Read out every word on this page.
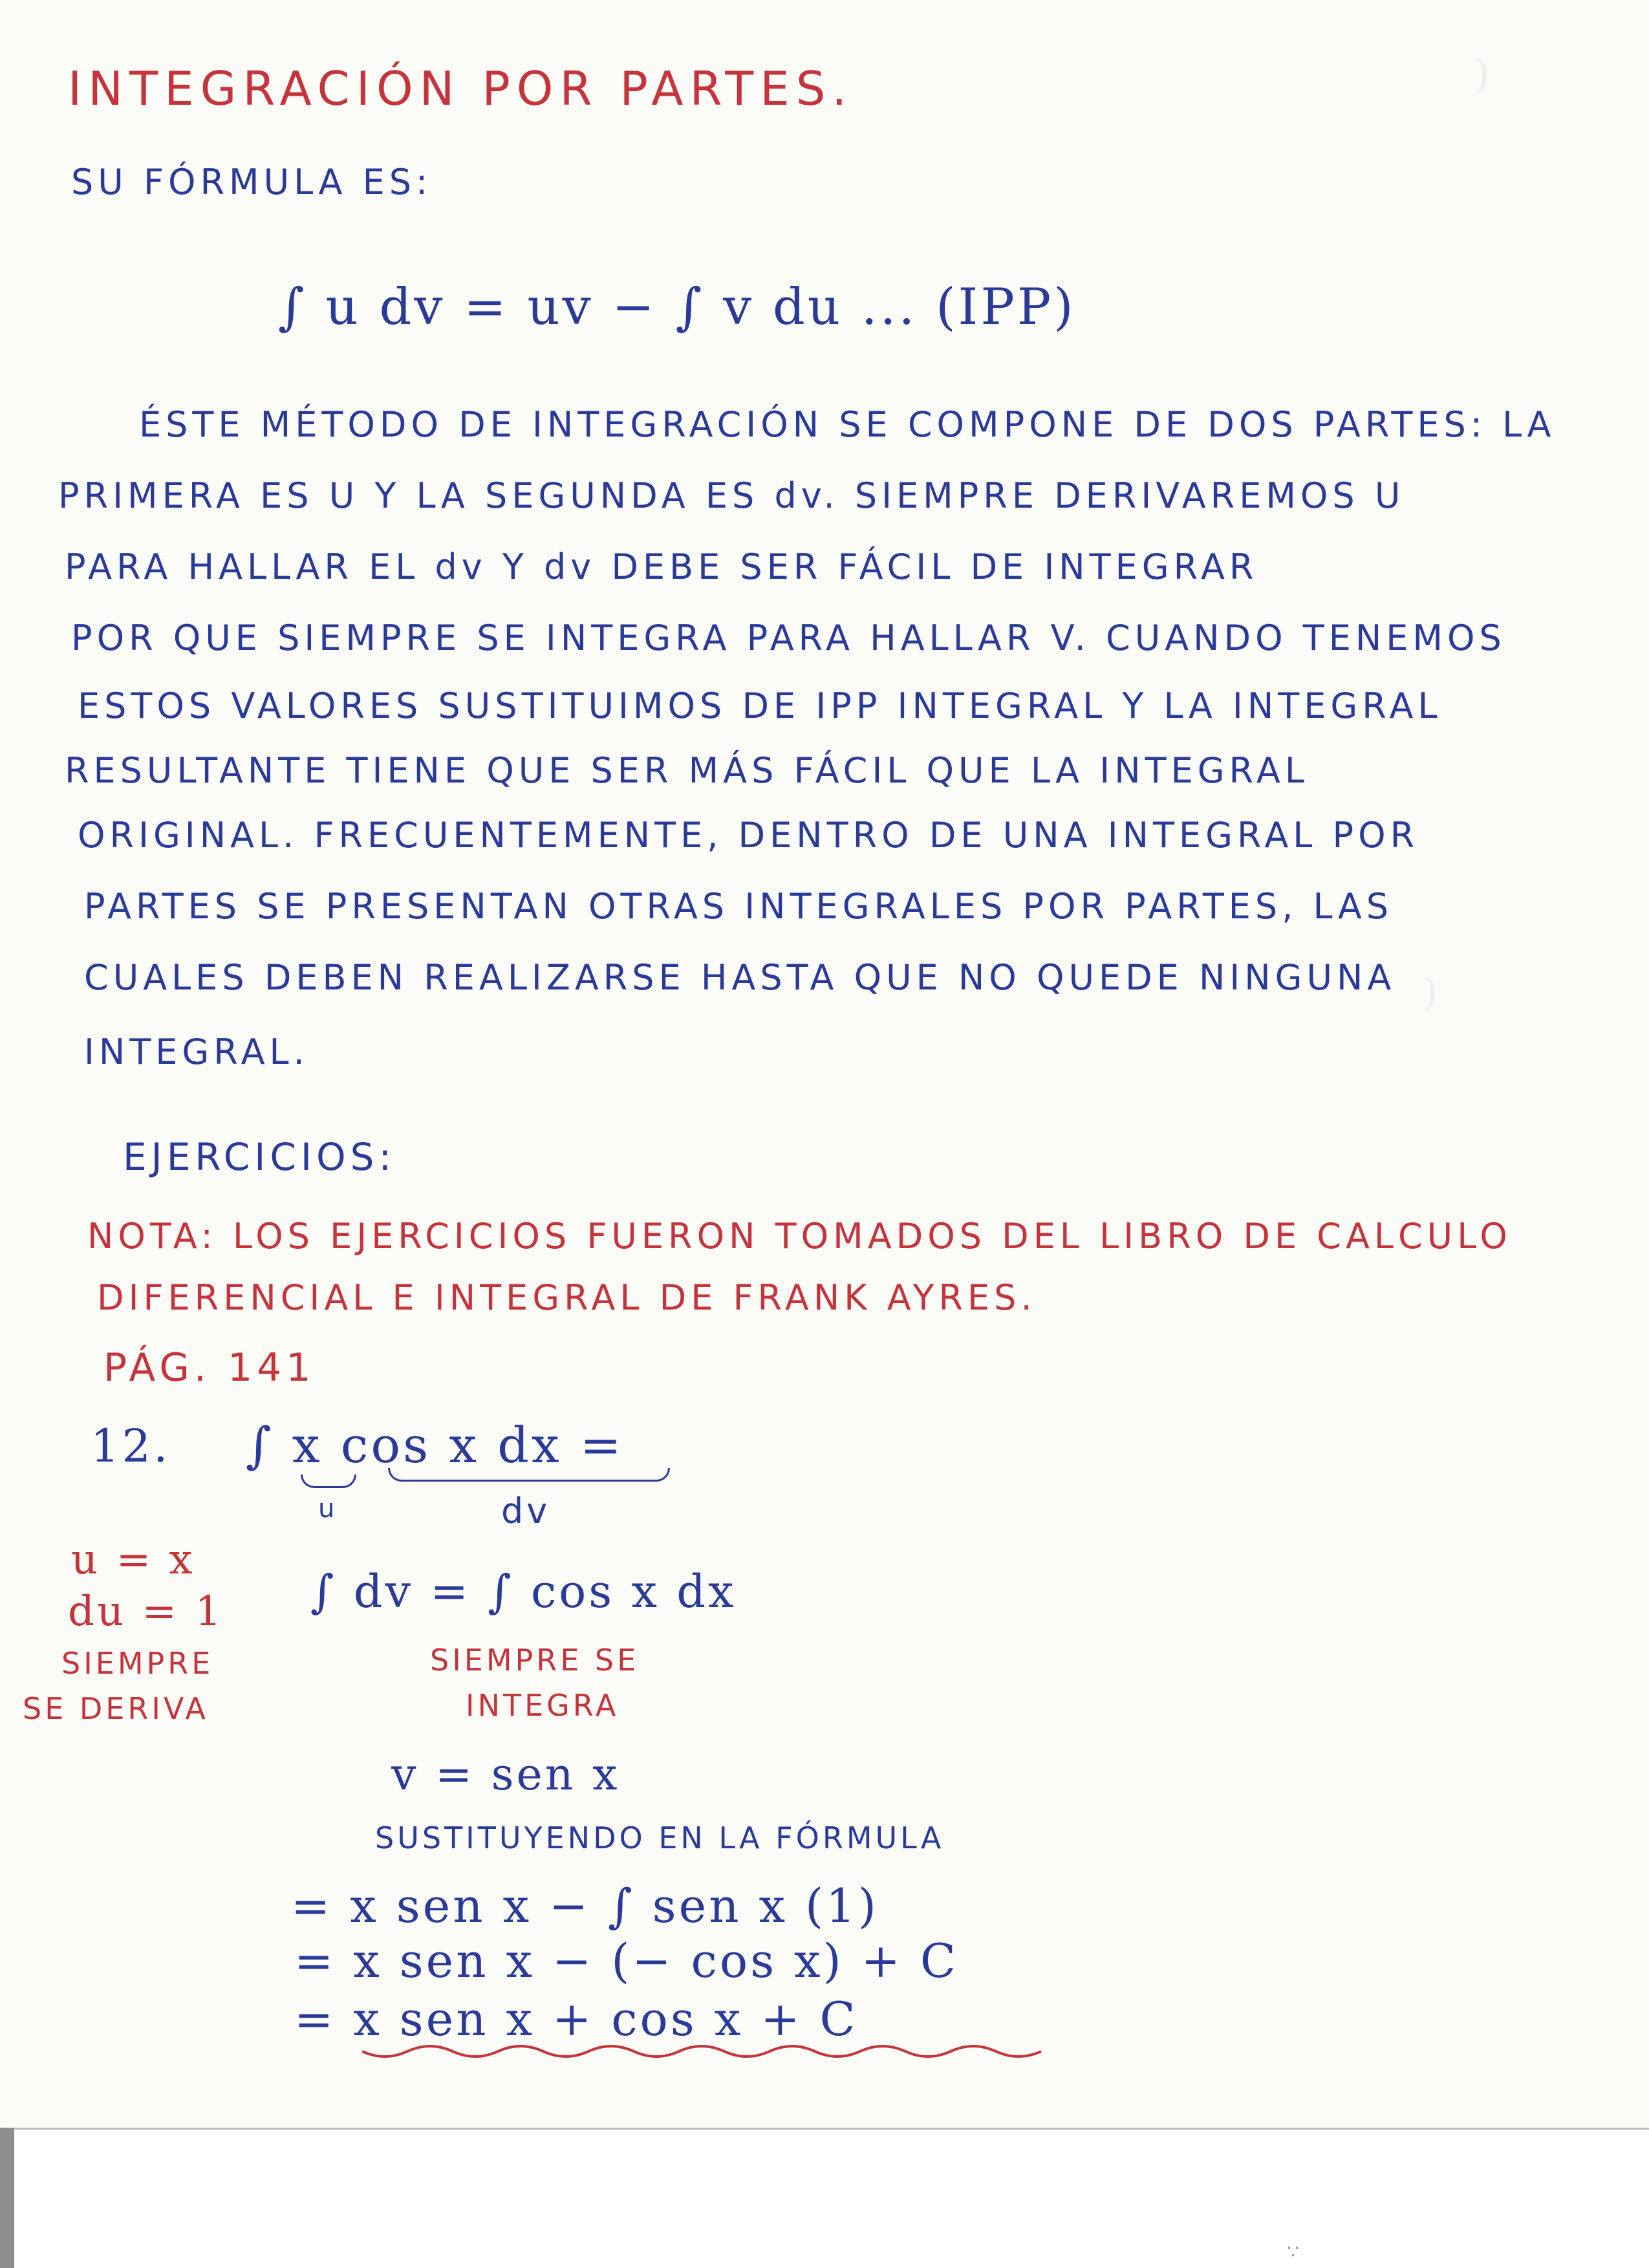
)
)
INTEGRACIÓN POR PARTES.
SU FÓRMULA ES:
∫ u dv = uv − ∫ v du ... (IPP)
ÉSTE MÉTODO DE INTEGRACIÓN SE COMPONE DE DOS PARTES: LA
PRIMERA ES U Y LA SEGUNDA ES dv. SIEMPRE DERIVAREMOS U
PARA HALLAR EL dv Y dv DEBE SER FÁCIL DE INTEGRAR
POR QUE SIEMPRE SE INTEGRA PARA HALLAR V. CUANDO TENEMOS
ESTOS VALORES SUSTITUIMOS DE IPP INTEGRAL Y LA INTEGRAL
RESULTANTE TIENE QUE SER MÁS FÁCIL QUE LA INTEGRAL
ORIGINAL. FRECUENTEMENTE, DENTRO DE UNA INTEGRAL POR
PARTES SE PRESENTAN OTRAS INTEGRALES POR PARTES, LAS
CUALES DEBEN REALIZARSE HASTA QUE NO QUEDE NINGUNA
INTEGRAL.
EJERCICIOS:
NOTA: LOS EJERCICIOS FUERON TOMADOS DEL LIBRO DE CALCULO
DIFERENCIAL E INTEGRAL DE FRANK AYRES.
PÁG. 141
12. ∫ x cos x dx =
u	dv
u = x
du = 1
SIEMPRE
SE DERIVA
∫ dv = ∫ cos x dx
SIEMPRE SE
INTEGRA
v = sen x
SUSTITUYENDO EN LA FÓRMULA
= x sen x − ∫ sen x (1)
= x sen x − (− cos x) + C
= x sen x + cos x + C
∵
